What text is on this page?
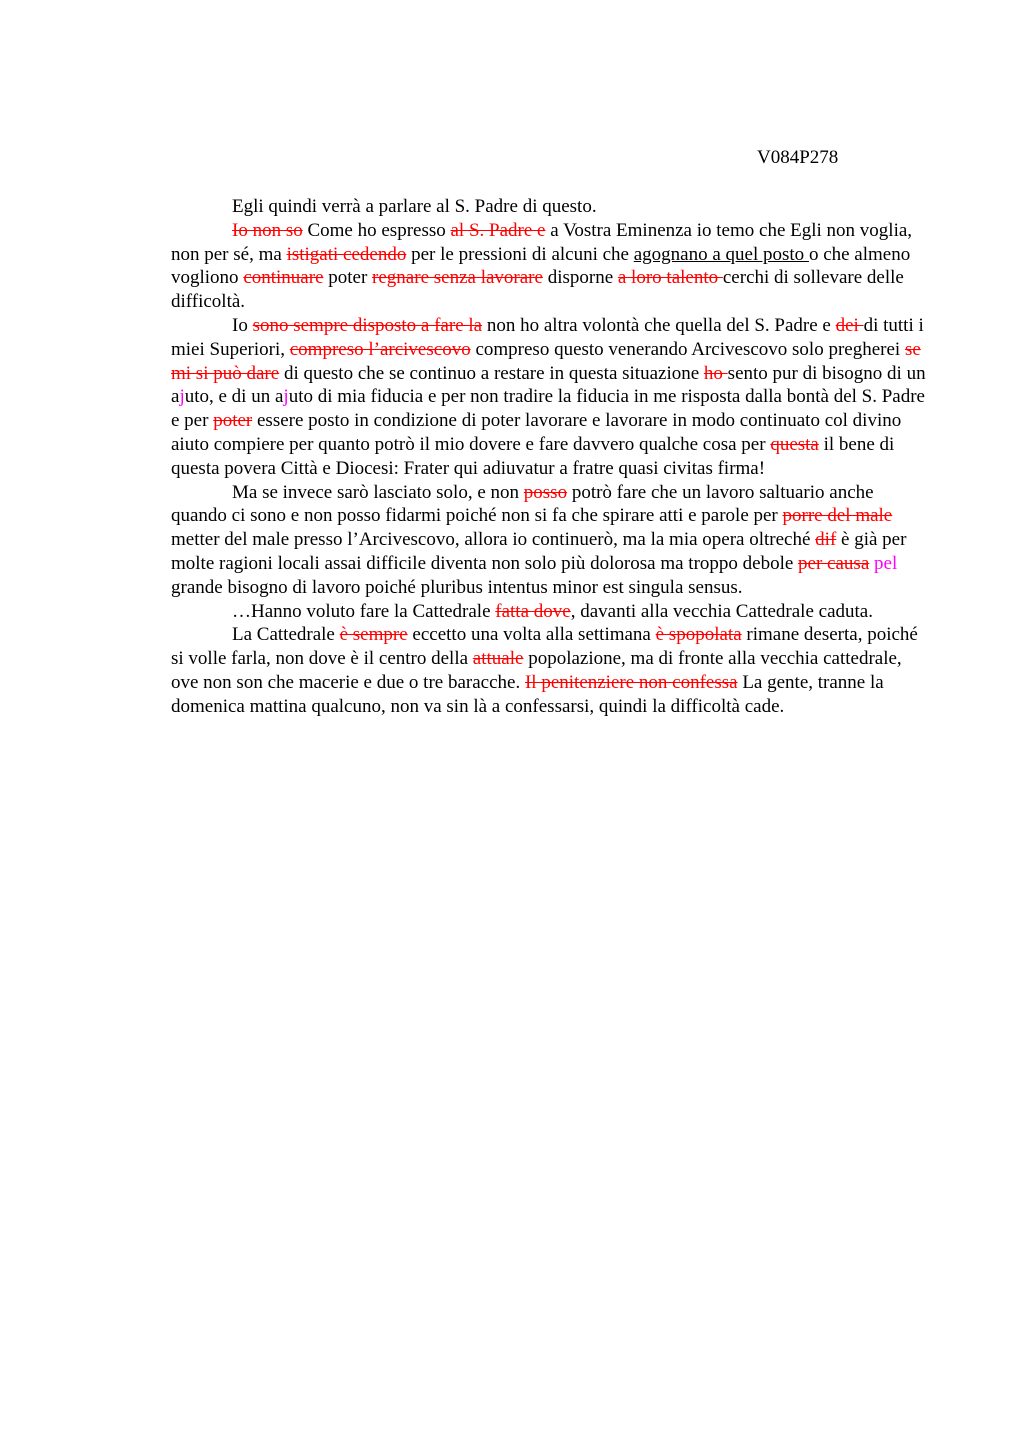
V084P278

Egli quindi verrà a parlare al S. Padre di questo.

Io non so Come ho espresso al S. Padre e a Vostra Eminenza io temo che Egli non voglia, non per sé, ma istigati cedendo per le pressioni di alcuni che agognano a quel posto o che almeno vogliono continuare poter regnare senza lavorare disporne a loro talento cerchi di sollevare delle difficoltà.

Io sono sempre disposto a fare la non ho altra volontà che quella del S. Padre e dei di tutti i miei Superiori, compreso l’arcivescovo compreso questo venerando Arcivescovo solo pregherei se mi si può dare di questo che se continuo a restare in questa situazione ho sento pur di bisogno di un ajuto, e di un ajuto di mia fiducia e per non tradire la fiducia in me risposta dalla bontà del S. Padre e per poter essere posto in condizione di poter lavorare e lavorare in modo continuato col divino aiuto compiere per quanto potrò il mio dovere e fare davvero qualche cosa per questa il bene di questa povera Città e Diocesi: Frater qui adiuvatur a fratre quasi civitas firma!

Ma se invece sarò lasciato solo, e non posso potrò fare che un lavoro saltuario anche quando ci sono e non posso fidarmi poiché non si fa che spirare atti e parole per porre del male metter del male presso l’Arcivescovo, allora io continuerò, ma la mia opera oltreché dif è già per molte ragioni locali assai difficile diventa non solo più dolorosa ma troppo debole per causa pel grande bisogno di lavoro poiché pluribus intentus minor est singula sensus.

…Hanno voluto fare la Cattedrale fatta dove, davanti alla vecchia Cattedrale caduta.

La Cattedrale è sempre eccetto una volta alla settimana è spopolata rimane deserta, poiché si volle farla, non dove è il centro della attuale popolazione, ma di fronte alla vecchia cattedrale, ove non son che macerie e due o tre baracche. Il penitenziere non confessa La gente, tranne la domenica mattina qualcuno, non va sin là a confessarsi, quindi la difficoltà cade.
